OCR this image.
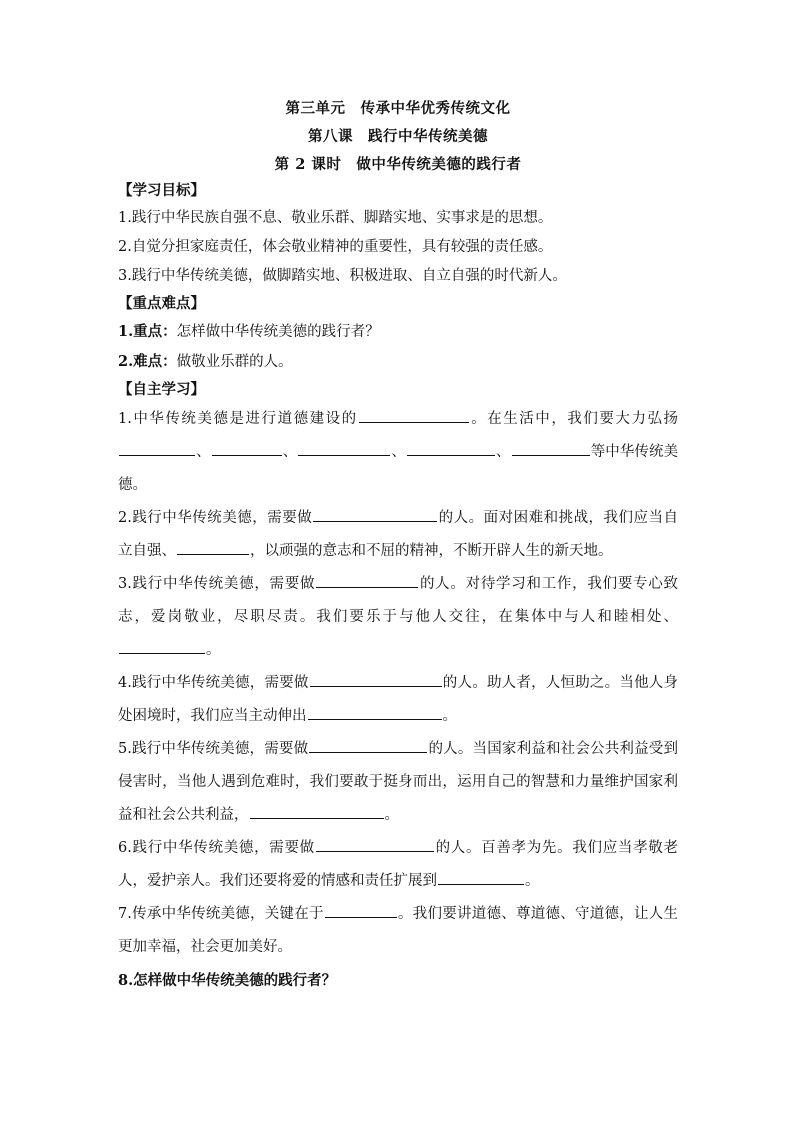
第三单元　传承中华优秀传统文化

第八课　践行中华传统美德

第 2 课时　做中华传统美德的践行者

【学习目标】

1.践行中华民族自强不息、敬业乐群、脚踏实地、实事求是的思想。

2.自觉分担家庭责任，体会敬业精神的重要性，具有较强的责任感。

3.践行中华传统美德，做脚踏实地、积极进取、自立自强的时代新人。

【重点难点】

1.重点：怎样做中华传统美德的践行者？

2.难点：做敬业乐群的人。

【自主学习】

1.中华传统美德是进行道德建设的	。在生活中，我们要大力弘扬、	、	、	、	等中华传统美德。

2.践行中华传统美德，需要做	的人。面对困难和挑战，我们应当自立自强、	，以顽强的意志和不屈的精神，不断开辟人生的新天地。

3.践行中华传统美德，需要做	的人。对待学习和工作，我们要专心致志，爱岗敬业，尽职尽责。我们要乐于与他人交往，在集体中与人和睦相处、。

4.践行中华传统美德，需要做	的人。助人者，人恒助之。当他人身处困境时，我们应当主动伸出	。

5.践行中华传统美德，需要做	的人。当国家利益和社会公共利益受到侵害时，当他人遇到危难时，我们要敢于挺身而出，运用自己的智慧和力量维护国家利益和社会公共利益，	。

6.践行中华传统美德，需要做	的人。百善孝为先。我们应当孝敬老人，爱护亲人。我们还要将爱的情感和责任扩展到	。

7.传承中华传统美德，关键在于	。我们要讲道德、尊道德、守道德，让人生更加幸福，社会更加美好。

8.怎样做中华传统美德的践行者？
